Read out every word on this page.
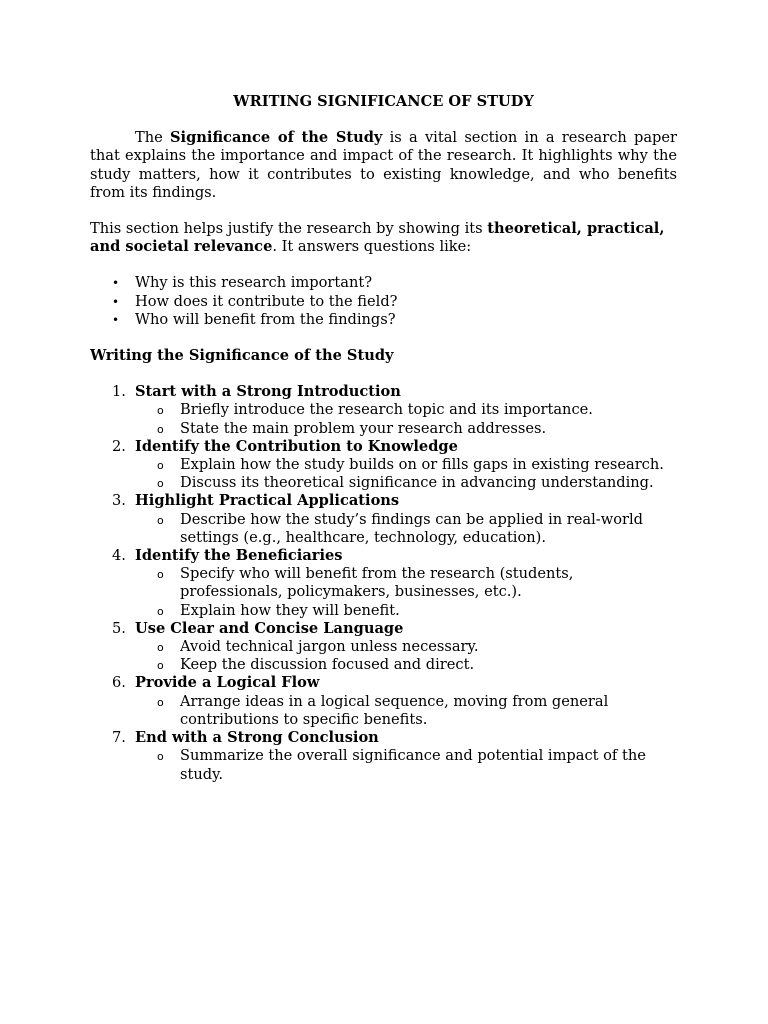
WRITING SIGNIFICANCE OF STUDY

The Significance of the Study is a vital section in a research paper that explains the importance and impact of the research. It highlights why the study matters, how it contributes to existing knowledge, and who benefits from its findings.

This section helps justify the research by showing its theoretical, practical, and societal relevance. It answers questions like:

• Why is this research important?
• How does it contribute to the field?
• Who will benefit from the findings?

Writing the Significance of the Study

1. Start with a Strong Introduction
o Briefly introduce the research topic and its importance.
o State the main problem your research addresses.
2. Identify the Contribution to Knowledge
o Explain how the study builds on or fills gaps in existing research.
o Discuss its theoretical significance in advancing understanding.
3. Highlight Practical Applications
o Describe how the study’s findings can be applied in real-world settings (e.g., healthcare, technology, education).
4. Identify the Beneficiaries
o Specify who will benefit from the research (students, professionals, policymakers, businesses, etc.).
o Explain how they will benefit.
5. Use Clear and Concise Language
o Avoid technical jargon unless necessary.
o Keep the discussion focused and direct.
6. Provide a Logical Flow
o Arrange ideas in a logical sequence, moving from general contributions to specific benefits.
7. End with a Strong Conclusion
o Summarize the overall significance and potential impact of the study.
